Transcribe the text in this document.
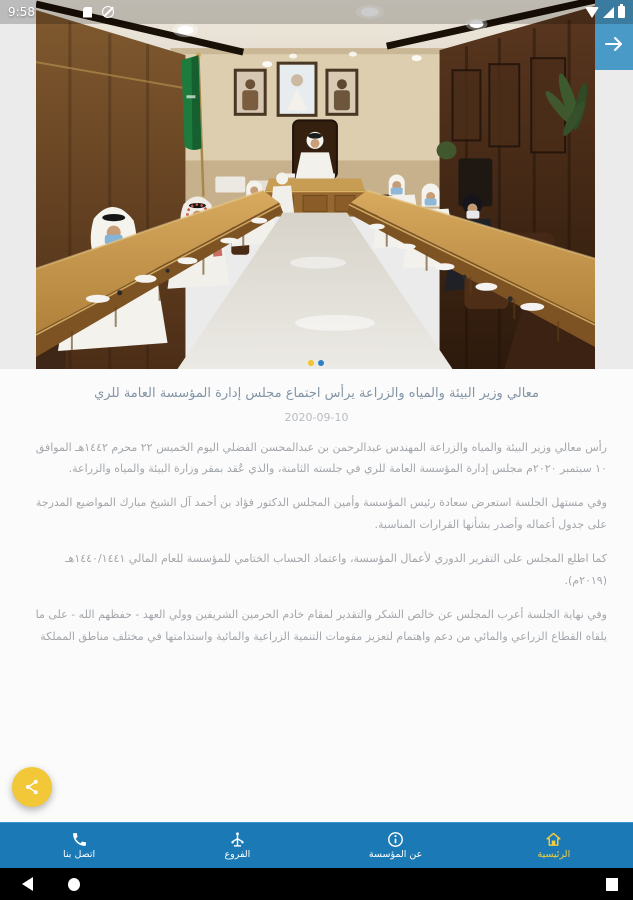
9:58
معالي وزير البيئة والمياه والزراعة يرأس اجتماع مجلس إدارة المؤسسة العامة للري
2020-09-10

رأس معالي وزير البيئة والمياه والزراعة المهندس عبدالرحمن بن عبدالمحسن الفضلي اليوم الخميس ٢٢ محرم ١٤٤٢هـ الموافق ١٠ سبتمبر ٢٠٢٠م مجلس إدارة المؤسسة العامة للري في جلسته الثامنة، والذي عُقد بمقر وزارة البيئة والمياه والزراعة.

وفي مستهل الجلسة استعرض سعادة رئيس المؤسسة وأمين المجلس الدكتور فؤاد بن أحمد آل الشيخ مبارك المواضيع المدرجة على جدول أعماله وأصدر بشأنها القرارات المناسبة.

كما اطلع المجلس على التقرير الدوري لأعمال المؤسسة، واعتماد الحساب الختامي للمؤسسة للعام المالي ١٤٤٠/١٤٤١هـ (٢٠١٩م).

وفي نهاية الجلسة أعرب المجلس عن خالص الشكر والتقدير لمقام خادم الحرمين الشريفين وولي العهد - حفظهم الله - على ما يلقاه القطاع الزراعي والمائي من دعم واهتمام لتعزيز مقومات التنمية الزراعية والمائية واستدامتها في مختلف مناطق المملكة

اتصل بنا	الفروع	عن المؤسسة	الرئيسية
